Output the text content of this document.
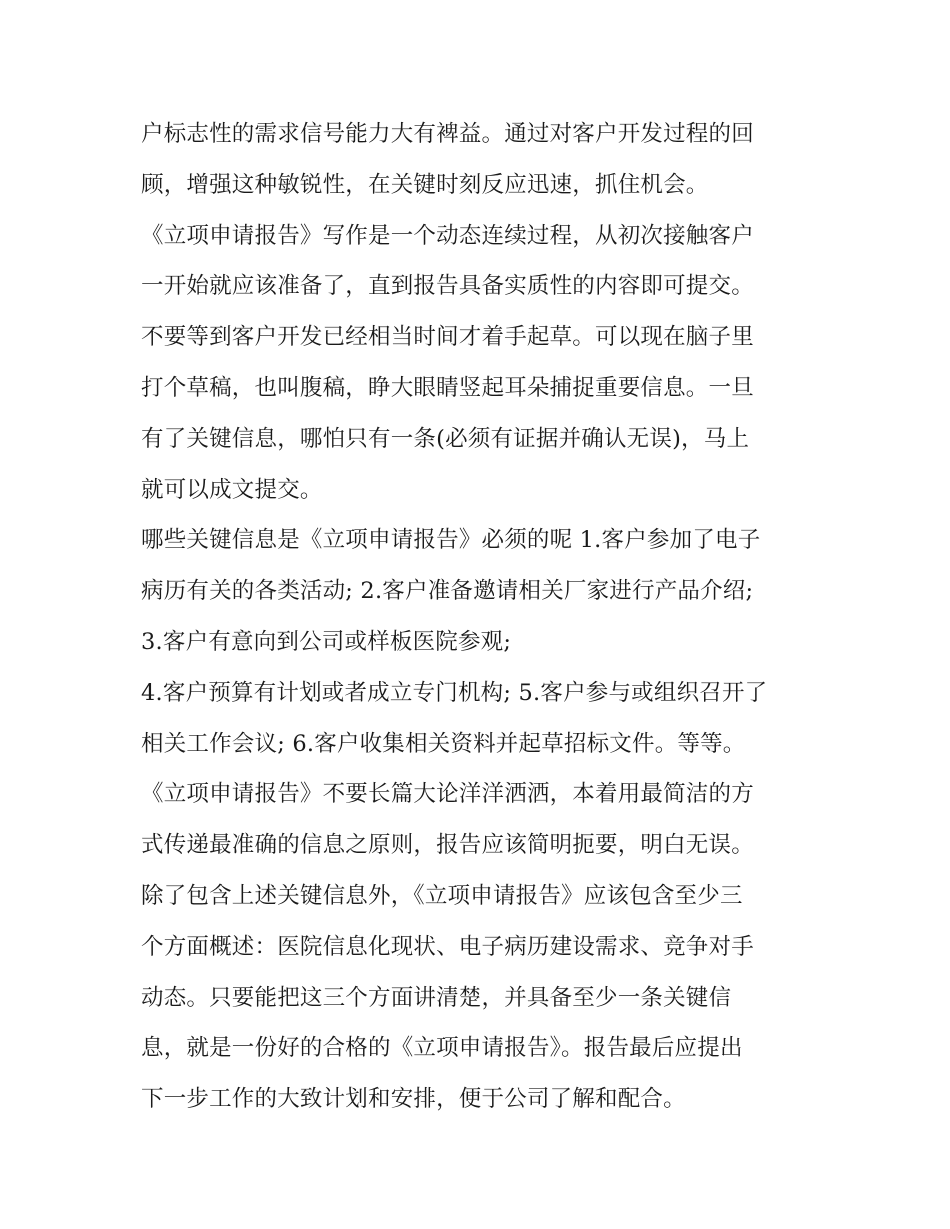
户标志性的需求信号能力大有裨益。通过对客户开发过程的回
顾，增强这种敏锐性，在关键时刻反应迅速，抓住机会。
《立项申请报告》写作是一个动态连续过程，从初次接触客户
一开始就应该准备了，直到报告具备实质性的内容即可提交。
不要等到客户开发已经相当时间才着手起草。可以现在脑子里
打个草稿，也叫腹稿，睁大眼睛竖起耳朵捕捉重要信息。一旦
有了关键信息，哪怕只有一条(必须有证据并确认无误)，马上
就可以成文提交。
哪些关键信息是《立项申请报告》必须的呢 1.客户参加了电子
病历有关的各类活动; 2.客户准备邀请相关厂家进行产品介绍;
3.客户有意向到公司或样板医院参观;
4.客户预算有计划或者成立专门机构; 5.客户参与或组织召开了
相关工作会议; 6.客户收集相关资料并起草招标文件。等等。
《立项申请报告》不要长篇大论洋洋洒洒，本着用最简洁的方
式传递最准确的信息之原则，报告应该简明扼要，明白无误。
除了包含上述关键信息外，《立项申请报告》应该包含至少三
个方面概述：医院信息化现状、电子病历建设需求、竞争对手
动态。只要能把这三个方面讲清楚，并具备至少一条关键信
息，就是一份好的合格的《立项申请报告》。报告最后应提出
下一步工作的大致计划和安排，便于公司了解和配合。
